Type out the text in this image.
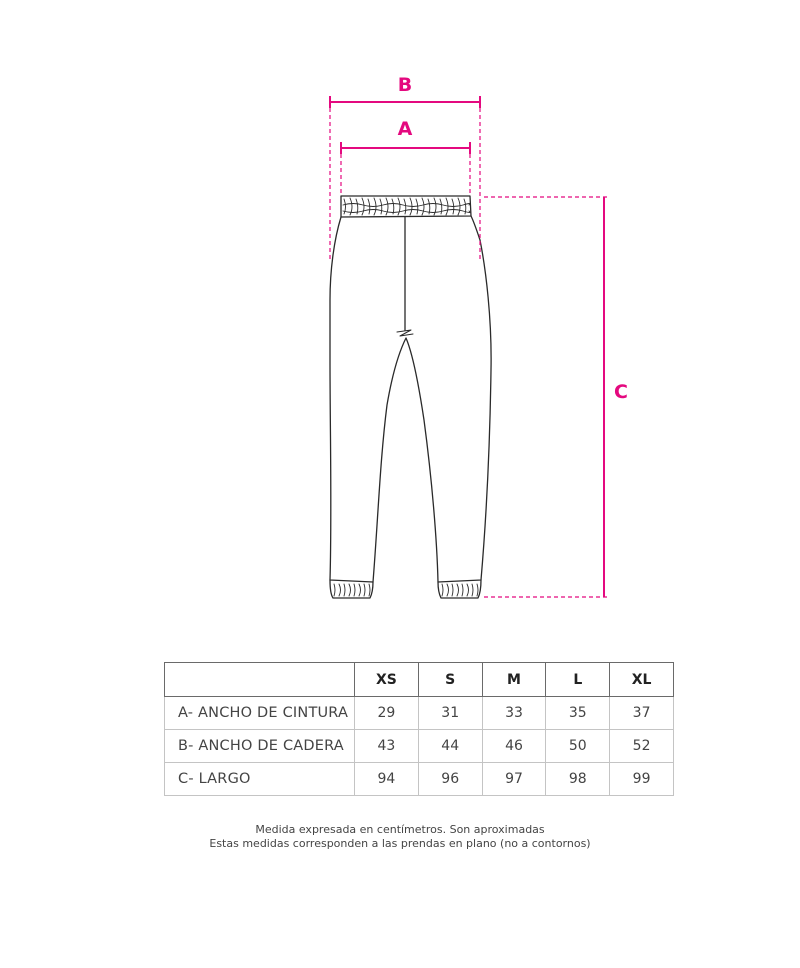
B
A
C
	XS	S	M	L	XL
A- ANCHO DE CINTURA	29	31	33	35	37
B- ANCHO DE CADERA	43	44	46	50	52
C- LARGO	94	96	97	98	99
Medida expresada en centímetros. Son aproximadas
Estas medidas corresponden a las prendas en plano (no a contornos)
